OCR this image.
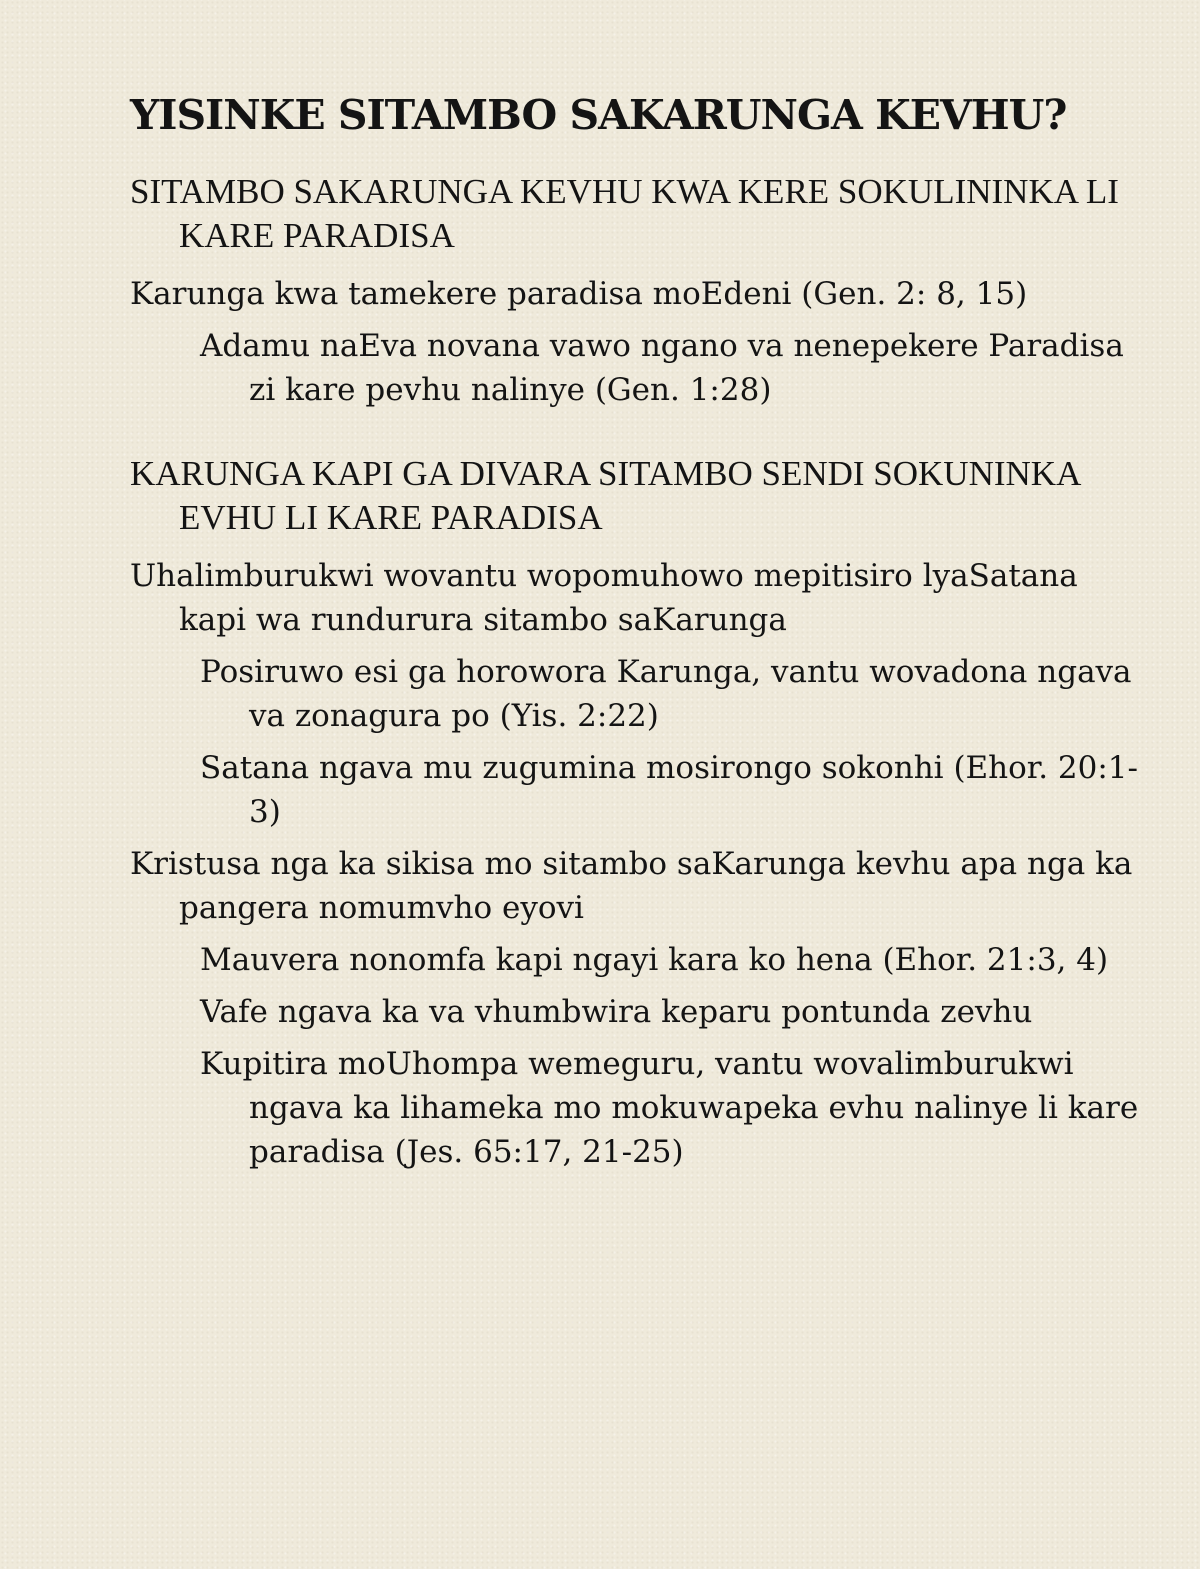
YISINKE SITAMBO SAKARUNGA KEVHU?
SITAMBO SAKARUNGA KEVHU KWA KERE SOKULININKA LI KARE PARADISA
Karunga kwa tamekere paradisa moEdeni (Gen. 2: 8, 15)
Adamu naEva novana vawo ngano va nenepekere Paradisa zi kare pevhu nalinye (Gen. 1:28)
KARUNGA KAPI GA DIVARA SITAMBO SENDI SOKUNINKA EVHU LI KARE PARADISA
Uhalimburukwi wovantu wopomuhowo mepitisiro lyaSatana kapi wa rundurura sitambo saKarunga
Posiruwo esi ga horowora Karunga, vantu wovadona ngava va zonagura po (Yis. 2:22)
Satana ngava mu zugumina mosirongo sokonhi (Ehor. 20:1-3)
Kristusa nga ka sikisa mo sitambo saKarunga kevhu apa nga ka pangera nomumvho eyovi
Mauvera nonomfa kapi ngayi kara ko hena (Ehor. 21:3, 4)
Vafe ngava ka va vhumbwira keparu pontunda zevhu
Kupitira moUhompa wemeguru, vantu wovalimburukwi ngava ka lihameka mo mokuwapeka evhu nalinye li kare paradisa (Jes. 65:17, 21-25)
